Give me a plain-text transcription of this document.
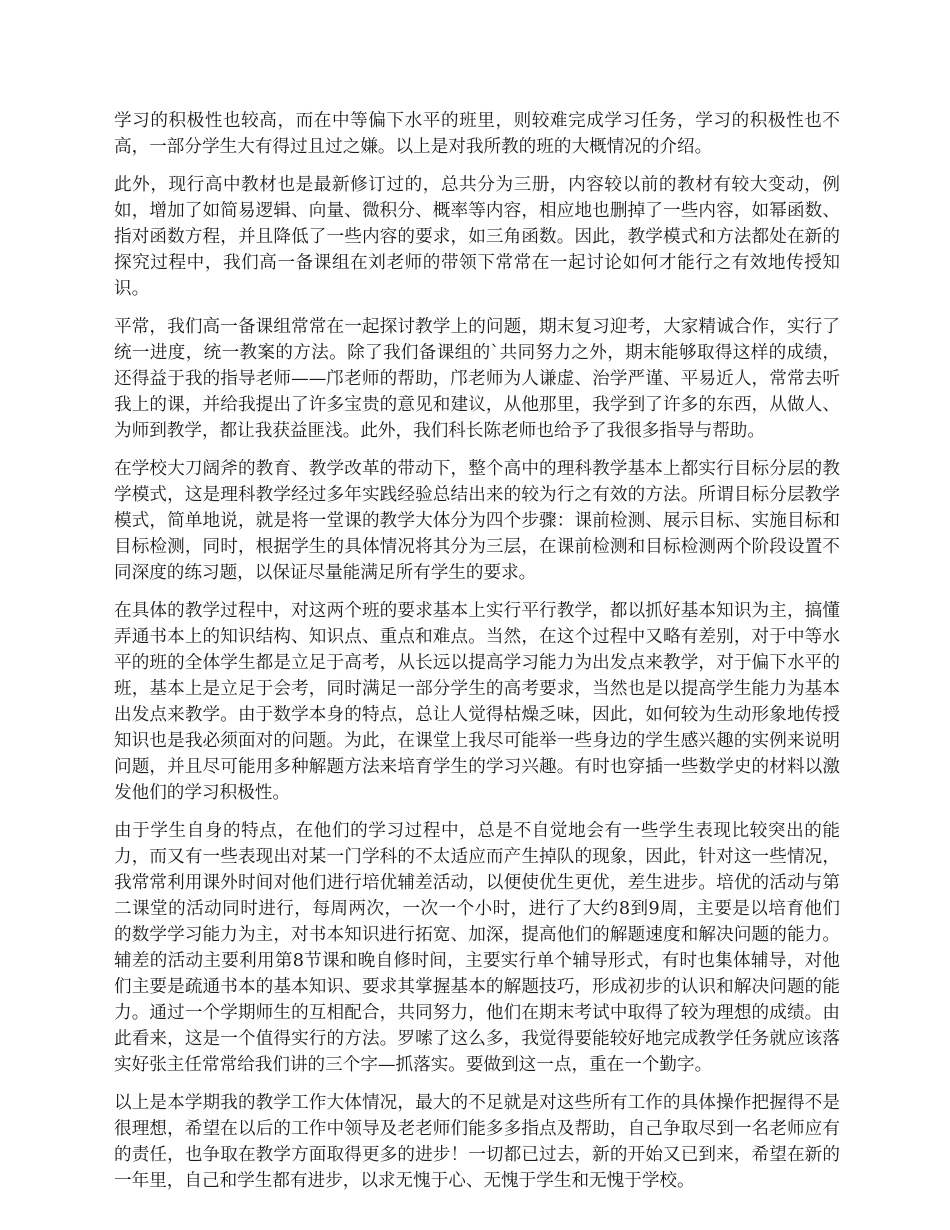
学习的积极性也较高，而在中等偏下水平的班里，则较难完成学习任务，学习的积极性也不高，一部分学生大有得过且过之嫌。以上是对我所教的班的大概情况的介绍。

此外，现行高中教材也是最新修订过的，总共分为三册，内容较以前的教材有较大变动，例如，增加了如简易逻辑、向量、微积分、概率等内容，相应地也删掉了一些内容，如幂函数、指对函数方程，并且降低了一些内容的要求，如三角函数。因此，教学模式和方法都处在新的探究过程中，我们高一备课组在刘老师的带领下常常在一起讨论如何才能行之有效地传授知识。

平常，我们高一备课组常常在一起探讨教学上的问题，期末复习迎考，大家精诚合作，实行了统一进度，统一教案的方法。除了我们备课组的`共同努力之外，期末能够取得这样的成绩，还得益于我的指导老师——邝老师的帮助，邝老师为人谦虚、治学严谨、平易近人，常常去听我上的课，并给我提出了许多宝贵的意见和建议，从他那里，我学到了许多的东西，从做人、为师到教学，都让我获益匪浅。此外，我们科长陈老师也给予了我很多指导与帮助。

在学校大刀阔斧的教育、教学改革的带动下，整个高中的理科教学基本上都实行目标分层的教学模式，这是理科教学经过多年实践经验总结出来的较为行之有效的方法。所谓目标分层教学模式，简单地说，就是将一堂课的教学大体分为四个步骤：课前检测、展示目标、实施目标和目标检测，同时，根据学生的具体情况将其分为三层，在课前检测和目标检测两个阶段设置不同深度的练习题，以保证尽量能满足所有学生的要求。

在具体的教学过程中，对这两个班的要求基本上实行平行教学，都以抓好基本知识为主，搞懂弄通书本上的知识结构、知识点、重点和难点。当然，在这个过程中又略有差别，对于中等水平的班的全体学生都是立足于高考，从长远以提高学习能力为出发点来教学，对于偏下水平的班，基本上是立足于会考，同时满足一部分学生的高考要求，当然也是以提高学生能力为基本出发点来教学。由于数学本身的特点，总让人觉得枯燥乏味，因此，如何较为生动形象地传授知识也是我必须面对的问题。为此，在课堂上我尽可能举一些身边的学生感兴趣的实例来说明问题，并且尽可能用多种解题方法来培育学生的学习兴趣。有时也穿插一些数学史的材料以激发他们的学习积极性。

由于学生自身的特点，在他们的学习过程中，总是不自觉地会有一些学生表现比较突出的能力，而又有一些表现出对某一门学科的不太适应而产生掉队的现象，因此，针对这一些情况，我常常利用课外时间对他们进行培优辅差活动，以便使优生更优，差生进步。培优的活动与第二课堂的活动同时进行，每周两次，一次一个小时，进行了大约8到9周，主要是以培育他们的数学学习能力为主，对书本知识进行拓宽、加深，提高他们的解题速度和解决问题的能力。辅差的活动主要利用第8节课和晚自修时间，主要实行单个辅导形式，有时也集体辅导，对他们主要是疏通书本的基本知识、要求其掌握基本的解题技巧，形成初步的认识和解决问题的能力。通过一个学期师生的互相配合，共同努力，他们在期末考试中取得了较为理想的成绩。由此看来，这是一个值得实行的方法。罗嗦了这么多，我觉得要能较好地完成教学任务就应该落实好张主任常常给我们讲的三个字—抓落实。要做到这一点，重在一个勤字。

以上是本学期我的教学工作大体情况，最大的不足就是对这些所有工作的具体操作把握得不是很理想，希望在以后的工作中领导及老老师们能多多指点及帮助，自己争取尽到一名老师应有的责任，也争取在教学方面取得更多的进步！一切都已过去，新的开始又已到来，希望在新的一年里，自己和学生都有进步，以求无愧于心、无愧于学生和无愧于学校。
